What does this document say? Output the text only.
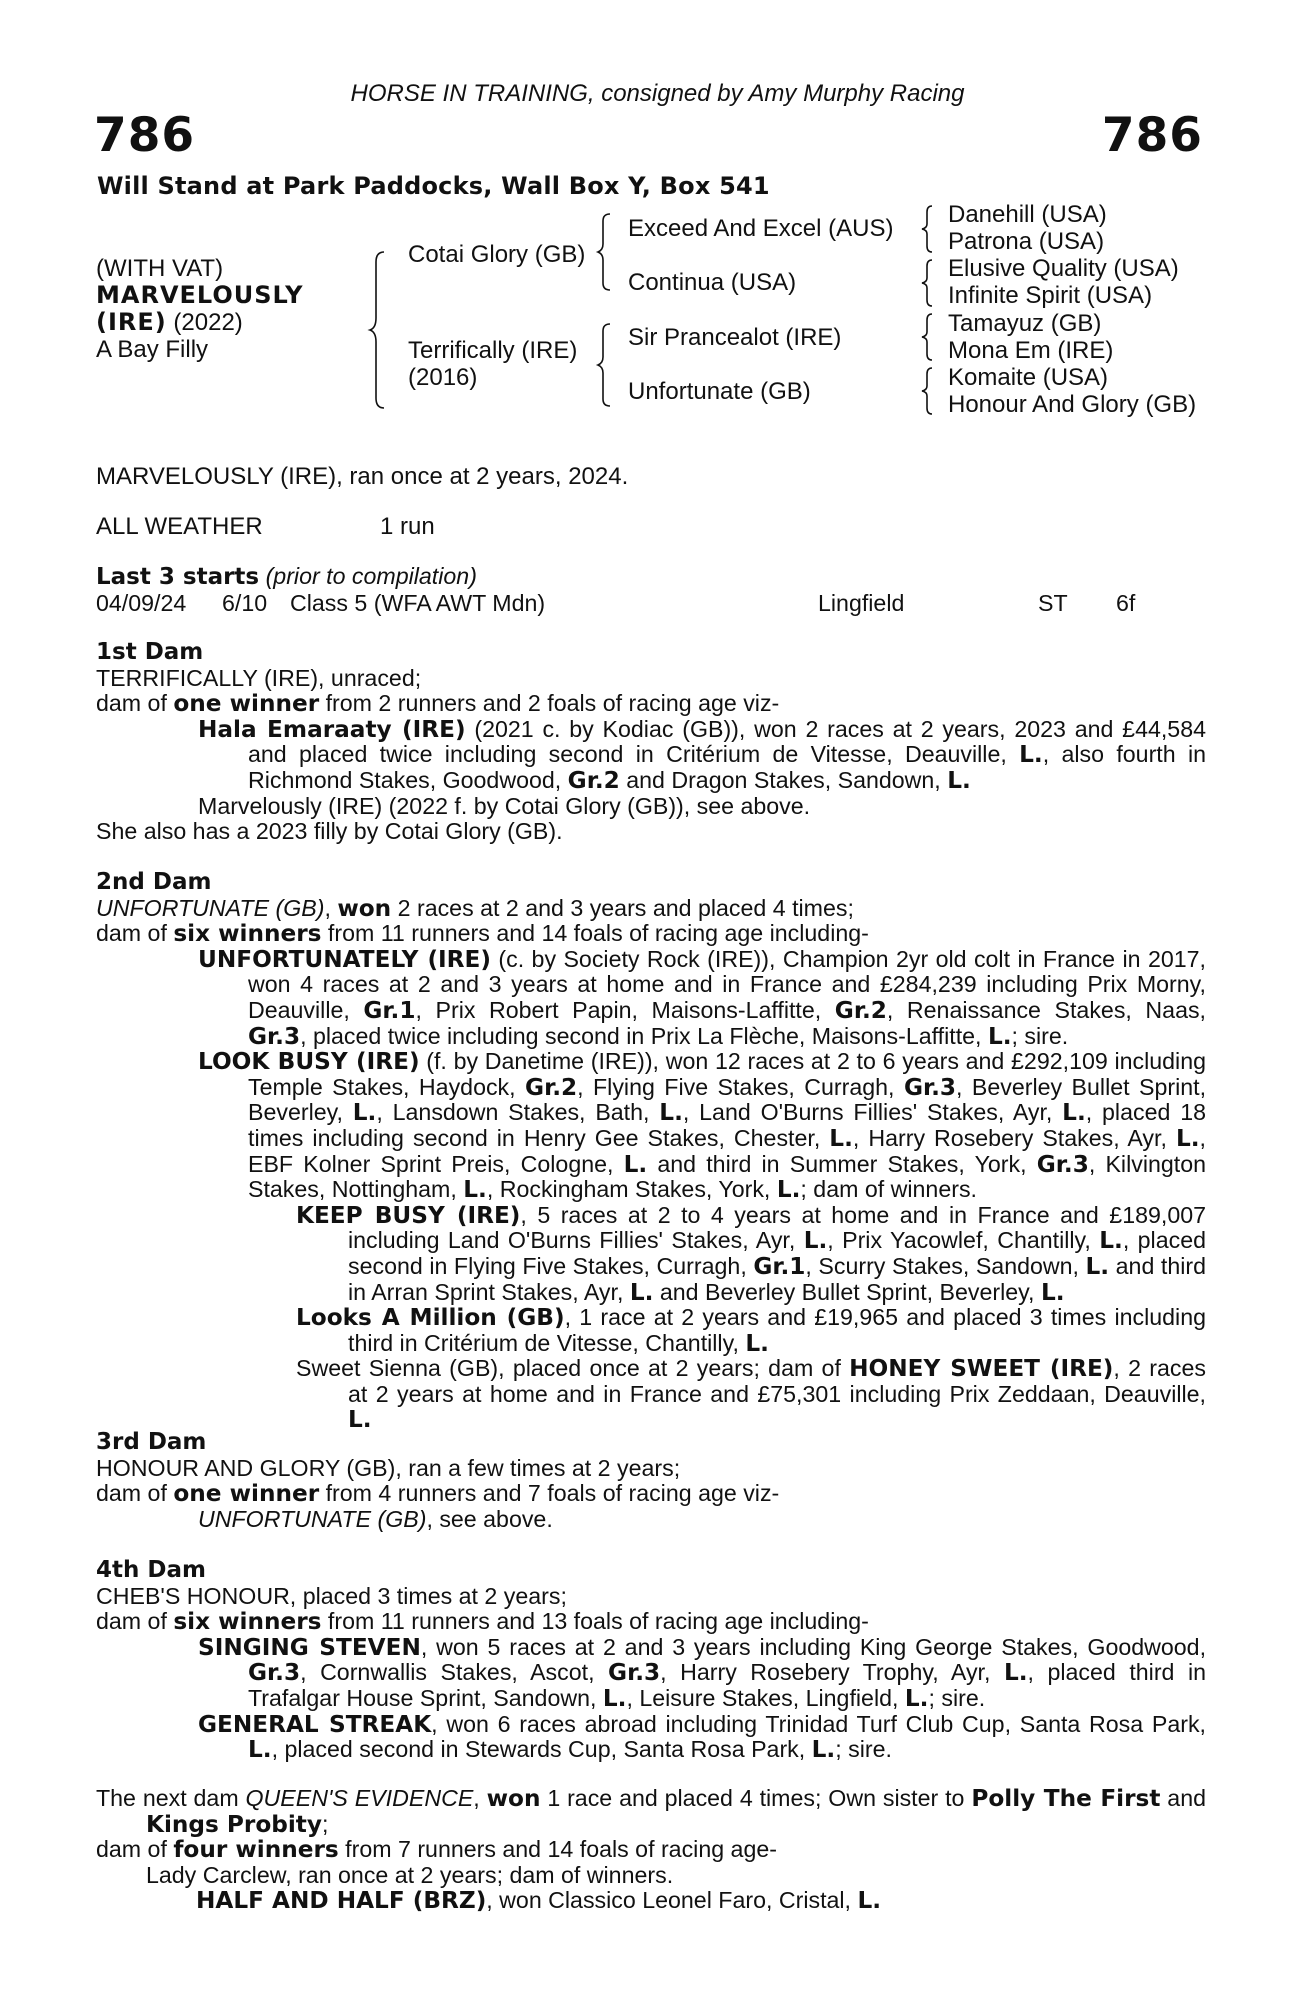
HORSE IN TRAINING, consigned by Amy Murphy Racing
786	786
Will Stand at Park Paddocks, Wall Box Y, Box 541
(WITH VAT)
MARVELOUSLY
(IRE) (2022)
A Bay Filly
Cotai Glory (GB)
Terrifically (IRE)
(2016)
Exceed And Excel (AUS)
Continua (USA)
Sir Prancealot (IRE)
Unfortunate (GB)
Danehill (USA)
Patrona (USA)
Elusive Quality (USA)
Infinite Spirit (USA)
Tamayuz (GB)
Mona Em (IRE)
Komaite (USA)
Honour And Glory (GB)
MARVELOUSLY (IRE), ran once at 2 years, 2024.
ALL WEATHER	1 run
Last 3 starts (prior to compilation)
04/09/24 6/10 Class 5 (WFA AWT Mdn)	Lingfield	ST 6f

1st Dam

TERRIFICALLY (IRE), unraced;

dam of one winner from 2 runners and 2 foals of racing age viz-

Hala Emaraaty (IRE) (2021 c. by Kodiac (GB)), won 2 races at 2 years, 2023 and £44,584 and placed twice including second in Critérium de Vitesse, Deauville, L., also fourth in Richmond Stakes, Goodwood, Gr.2 and Dragon Stakes, Sandown, L.

Marvelously (IRE) (2022 f. by Cotai Glory (GB)), see above.

She also has a 2023 filly by Cotai Glory (GB).

2nd Dam

UNFORTUNATE (GB), won 2 races at 2 and 3 years and placed 4 times;

dam of six winners from 11 runners and 14 foals of racing age including-

UNFORTUNATELY (IRE) (c. by Society Rock (IRE)), Champion 2yr old colt in France in 2017, won 4 races at 2 and 3 years at home and in France and £284,239 including Prix Morny, Deauville, Gr.1, Prix Robert Papin, Maisons-Laffitte, Gr.2, Renaissance Stakes, Naas, Gr.3, placed twice including second in Prix La Flèche, Maisons-Laffitte, L.; sire.

LOOK BUSY (IRE) (f. by Danetime (IRE)), won 12 races at 2 to 6 years and £292,109 including Temple Stakes, Haydock, Gr.2, Flying Five Stakes, Curragh, Gr.3, Beverley Bullet Sprint, Beverley, L., Lansdown Stakes, Bath, L., Land O'Burns Fillies' Stakes, Ayr, L., placed 18 times including second in Henry Gee Stakes, Chester, L., Harry Rosebery Stakes, Ayr, L., EBF Kolner Sprint Preis, Cologne, L. and third in Summer Stakes, York, Gr.3, Kilvington Stakes, Nottingham, L., Rockingham Stakes, York, L.; dam of winners.

KEEP BUSY (IRE), 5 races at 2 to 4 years at home and in France and £189,007 including Land O'Burns Fillies' Stakes, Ayr, L., Prix Yacowlef, Chantilly, L., placed second in Flying Five Stakes, Curragh, Gr.1, Scurry Stakes, Sandown, L. and third in Arran Sprint Stakes, Ayr, L. and Beverley Bullet Sprint, Beverley, L.

Looks A Million (GB), 1 race at 2 years and £19,965 and placed 3 times including third in Critérium de Vitesse, Chantilly, L.

Sweet Sienna (GB), placed once at 2 years; dam of HONEY SWEET (IRE), 2 races at 2 years at home and in France and £75,301 including Prix Zeddaan, Deauville, L.

3rd Dam

HONOUR AND GLORY (GB), ran a few times at 2 years;

dam of one winner from 4 runners and 7 foals of racing age viz-

UNFORTUNATE (GB), see above.

4th Dam

CHEB'S HONOUR, placed 3 times at 2 years;

dam of six winners from 11 runners and 13 foals of racing age including-

SINGING STEVEN, won 5 races at 2 and 3 years including King George Stakes, Goodwood, Gr.3, Cornwallis Stakes, Ascot, Gr.3, Harry Rosebery Trophy, Ayr, L., placed third in Trafalgar House Sprint, Sandown, L., Leisure Stakes, Lingfield, L.; sire.

GENERAL STREAK, won 6 races abroad including Trinidad Turf Club Cup, Santa Rosa Park, L., placed second in Stewards Cup, Santa Rosa Park, L.; sire.

The next dam QUEEN'S EVIDENCE, won 1 race and placed 4 times; Own sister to Polly The First and Kings Probity;

dam of four winners from 7 runners and 14 foals of racing age-

Lady Carclew, ran once at 2 years; dam of winners.

HALF AND HALF (BRZ), won Classico Leonel Faro, Cristal, L.
